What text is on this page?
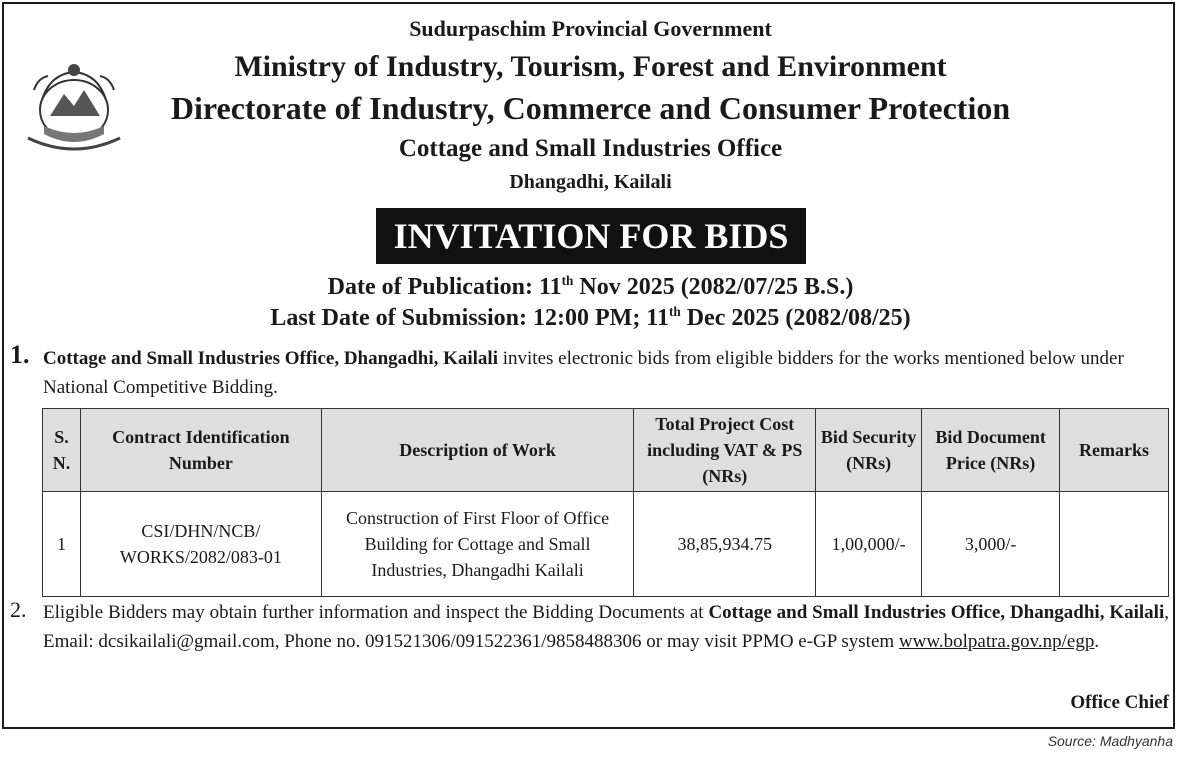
Sudurpaschim Provincial Government
Ministry of Industry, Tourism, Forest and Environment
Directorate of Industry, Commerce and Consumer Protection
Cottage and Small Industries Office
Dhangadhi, Kailali
INVITATION FOR BIDS
Date of Publication: 11th Nov 2025 (2082/07/25 B.S.)
Last Date of Submission: 12:00 PM; 11th Dec 2025 (2082/08/25)
1. Cottage and Small Industries Office, Dhangadhi, Kailali invites electronic bids from eligible bidders for the works mentioned below under National Competitive Bidding.
S. N.	Contract Identification Number	Description of Work	Total Project Cost including VAT & PS (NRs)	Bid Security (NRs)	Bid Document Price (NRs)	Remarks
1	CSI/DHN/NCB/ WORKS/2082/083-01	Construction of First Floor of Office Building for Cottage and Small Industries, Dhangadhi Kailali	38,85,934.75	1,00,000/-	3,000/-	
2. Eligible Bidders may obtain further information and inspect the Bidding Documents at Cottage and Small Industries Office, Dhangadhi, Kailali, Email: dcsikailali@gmail.com, Phone no. 091521306/091522361/9858488306 or may visit PPMO e-GP system www.bolpatra.gov.np/egp.
Office Chief
Source: Madhyanha
